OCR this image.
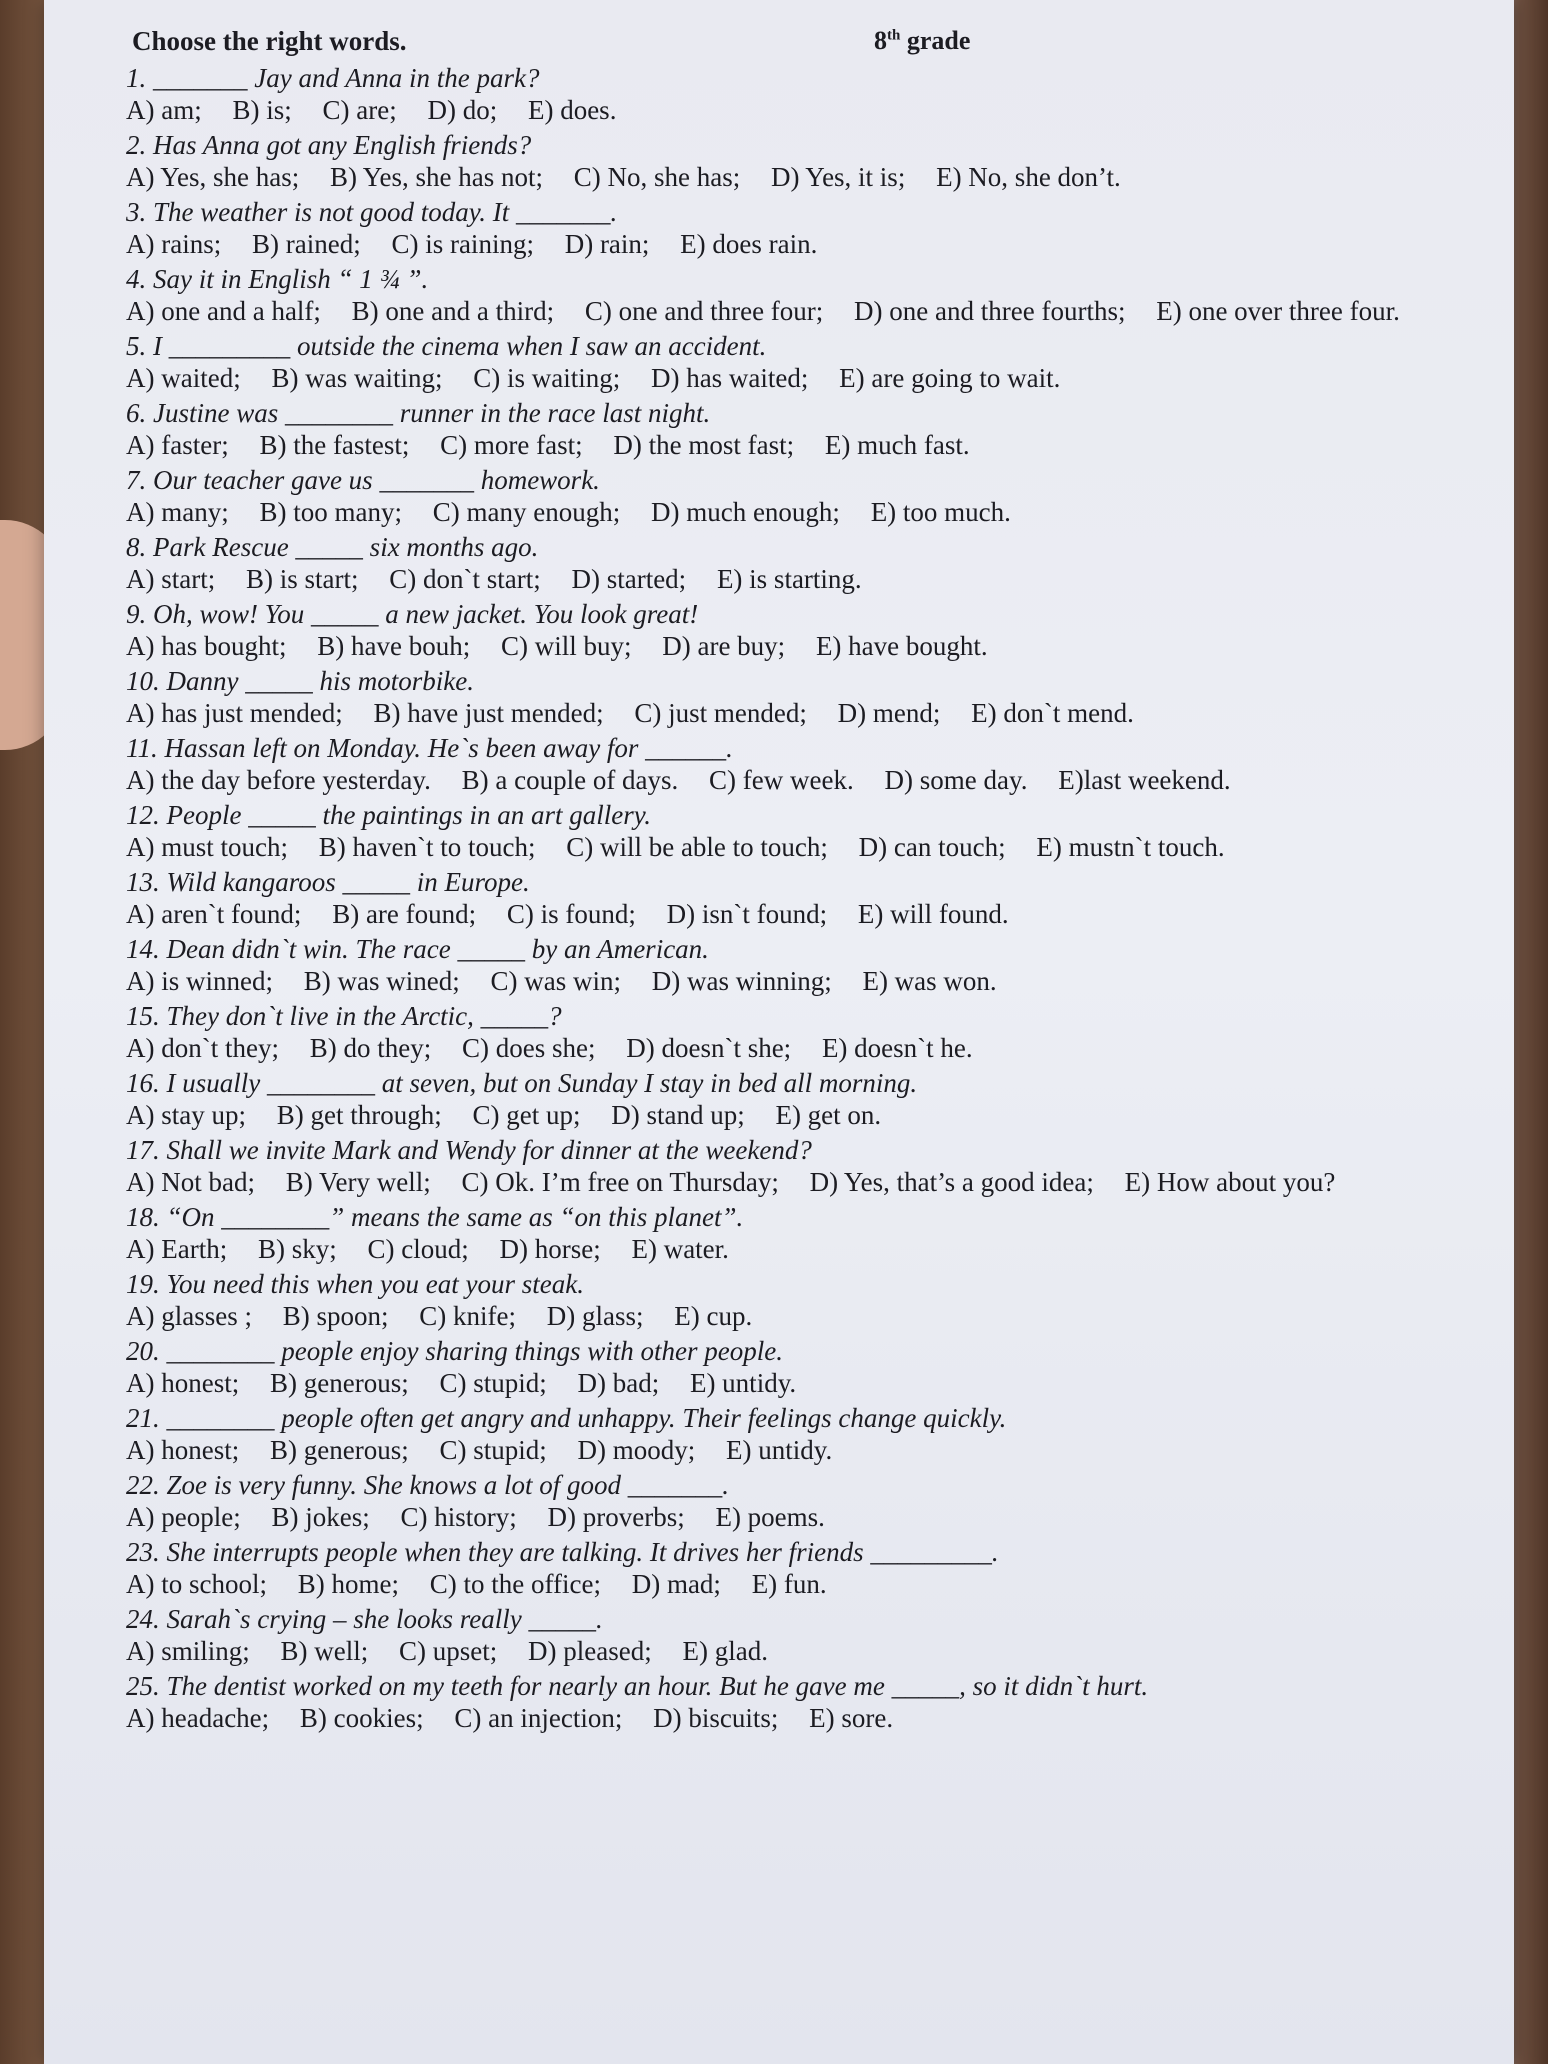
Choose the right words.	8th grade
1. _______ Jay and Anna in the park?
A) am; B) is; C) are; D) do; E) does.
2. Has Anna got any English friends?
A) Yes, she has; B) Yes, she has not; C) No, she has; D) Yes, it is; E) No, she don’t.
3. The weather is not good today. It _______.
A) rains; B) rained; C) is raining; D) rain; E) does rain.
4. Say it in English “ 1 ¾ ”.
A) one and a half; B) one and a third; C) one and three four; D) one and three fourths; E) one over three four.
5. I _________ outside the cinema when I saw an accident.
A) waited; B) was waiting; C) is waiting; D) has waited; E) are going to wait.
6. Justine was ________ runner in the race last night.
A) faster; B) the fastest; C) more fast; D) the most fast; E) much fast.
7. Our teacher gave us _______ homework.
A) many; B) too many; C) many enough; D) much enough; E) too much.
8. Park Rescue _____ six months ago.
A) start; B) is start; C) don`t start; D) started; E) is starting.
9. Oh, wow! You _____ a new jacket. You look great!
A) has bought; B) have bouh; C) will buy; D) are buy; E) have bought.
10. Danny _____ his motorbike.
A) has just mended; B) have just mended; C) just mended; D) mend; E) don`t mend.
11. Hassan left on Monday. He`s been away for ______.
A) the day before yesterday. B) a couple of days. C) few week. D) some day. E)last weekend.
12. People _____ the paintings in an art gallery.
A) must touch; B) haven`t to touch; C) will be able to touch; D) can touch; E) mustn`t touch.
13. Wild kangaroos _____ in Europe.
A) aren`t found; B) are found; C) is found; D) isn`t found; E) will found.
14. Dean didn`t win. The race _____ by an American.
A) is winned; B) was wined; C) was win; D) was winning; E) was won.
15. They don`t live in the Arctic, _____?
A) don`t they; B) do they; C) does she; D) doesn`t she; E) doesn`t he.
16. I usually ________ at seven, but on Sunday I stay in bed all morning.
A) stay up; B) get through; C) get up; D) stand up; E) get on.
17. Shall we invite Mark and Wendy for dinner at the weekend?
A) Not bad; B) Very well; C) Ok. I’m free on Thursday; D) Yes, that’s a good idea; E) How about you?
18. “On ________” means the same as “on this planet”.
A) Earth; B) sky; C) cloud; D) horse; E) water.
19. You need this when you eat your steak.
A) glasses ; B) spoon; C) knife; D) glass; E) cup.
20. ________ people enjoy sharing things with other people.
A) honest; B) generous; C) stupid; D) bad; E) untidy.
21. ________ people often get angry and unhappy. Their feelings change quickly.
A) honest; B) generous; C) stupid; D) moody; E) untidy.
22. Zoe is very funny. She knows a lot of good _______.
A) people; B) jokes; C) history; D) proverbs; E) poems.
23. She interrupts people when they are talking. It drives her friends _________.
A) to school; B) home; C) to the office; D) mad; E) fun.
24. Sarah`s crying – she looks really _____.
A) smiling; B) well; C) upset; D) pleased; E) glad.
25. The dentist worked on my teeth for nearly an hour. But he gave me _____, so it didn`t hurt.
A) headache; B) cookies; C) an injection; D) biscuits; E) sore.
